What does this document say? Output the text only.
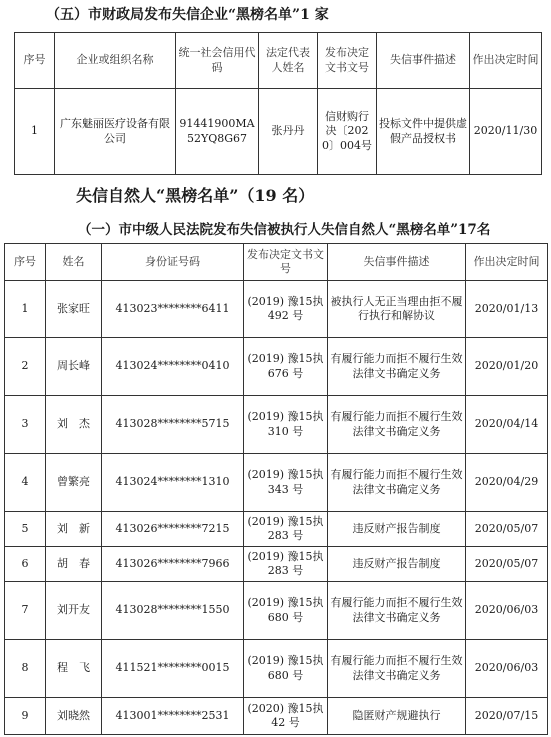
（五）市财政局发布失信企业“黑榜名单”1 家
序号	企业或组织名称	统一社会信用代码	法定代表人姓名	发布决定文书文号	失信事件描述	作出决定时间
1	广东魅丽医疗设备有限公司	91441900MA52YQ8G67	张丹丹	信财购行决〔2020〕004号	投标文件中提供虚假产品授权书	2020/11/30
失信自然人“黑榜名单”（19 名）
（一）市中级人民法院发布失信被执行人失信自然人“黑榜名单”17名
序号	姓名	身份证号码	发布决定文书文号	失信事件描述	作出决定时间
1	张家旺	413023********6411	(2019) 豫15执 492 号	被执行人无正当理由拒不履行执行和解协议	2020/01/13
2	周长峰	413024********0410	(2019) 豫15执 676 号	有履行能力而拒不履行生效法律文书确定义务	2020/01/20
3	刘　杰	413028********5715	(2019) 豫15执 310 号	有履行能力而拒不履行生效法律文书确定义务	2020/04/14
4	曾繁亮	413024********1310	(2019) 豫15执 343 号	有履行能力而拒不履行生效法律文书确定义务	2020/04/29
5	刘　新	413026********7215	(2019) 豫15执 283 号	违反财产报告制度	2020/05/07
6	胡　春	413026********7966	(2019) 豫15执 283 号	违反财产报告制度	2020/05/07
7	刘开友	413028********1550	(2019) 豫15执 680 号	有履行能力而拒不履行生效法律文书确定义务	2020/06/03
8	程　飞	411521********0015	(2019) 豫15执 680 号	有履行能力而拒不履行生效法律文书确定义务	2020/06/03
9	刘晓然	413001********2531	(2020) 豫15执 42 号	隐匿财产规避执行	2020/07/15
